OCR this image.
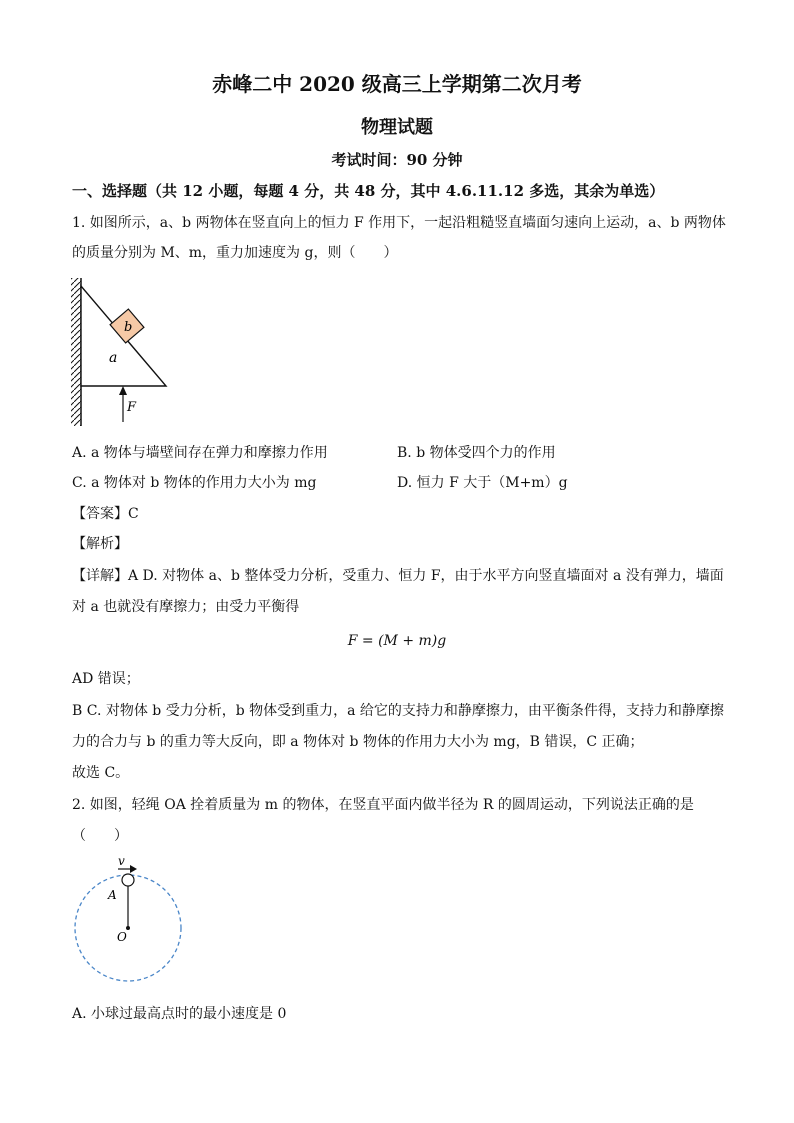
赤峰二中 2020 级高三上学期第二次月考
物理试题
考试时间：90 分钟
一、选择题（共 12 小题，每题 4 分，共 48 分，其中 4.6.11.12 多选，其余为单选）
1. 如图所示，a、b 两物体在竖直向上的恒力 F 作用下，一起沿粗糙竖直墙面匀速向上运动，a、b 两物体
的质量分别为 M、m，重力加速度为 g，则（　　）
b
a
F
A. a 物体与墙壁间存在弹力和摩擦力作用	B. b 物体受四个力的作用
C. a 物体对 b 物体的作用力大小为 mg	D. 恒力 F 大于（M+m）g
【答案】C
【解析】
【详解】A D. 对物体 a、b 整体受力分析，受重力、恒力 F，由于水平方向竖直墙面对 a 没有弹力，墙面
对 a 也就没有摩擦力；由受力平衡得
F = (M + m)g
AD 错误；
B C. 对物体 b 受力分析，b 物体受到重力，a 给它的支持力和静摩擦力，由平衡条件得，支持力和静摩擦
力的合力与 b 的重力等大反向，即 a 物体对 b 物体的作用力大小为 mg，B 错误，C 正确；
故选 C。
2. 如图，轻绳 OA 拴着质量为 m 的物体，在竖直平面内做半径为 R 的圆周运动，下列说法正确的是
（　　）
v
A
O
A. 小球过最高点时的最小速度是 0
